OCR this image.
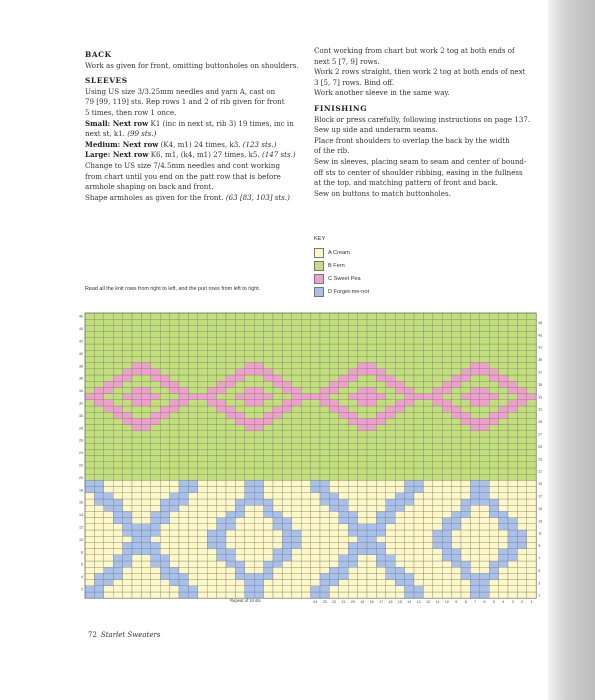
BACK

Work as given for front, omitting buttonholes on shoulders.

SLEEVES

Using US size 3/3.25mm needles and yarn A, cast on

79 [99, 119] sts. Rep rows 1 and 2 of rib given for front

5 times, then row 1 once.

Small: Next row K1 (inc in next st, rib 3) 19 times, inc in

next st, k1. (99 sts.)

Medium: Next row (K4, m1) 24 times, k3. (123 sts.)

Large: Next row K6, m1, (k4, m1) 27 times, k5. (147 sts.)

Change to US size 7/4.5mm needles and cont working

from chart until you end on the patt row that is before

armhole shaping on back and front.

Shape armholes as given for the front. (63 [83, 103] sts.)

Cont working from chart but work 2 tog at both ends of

next 5 [7, 9] rows.

Work 2 rows straight, then work 2 tog at both ends of next

3 [5, 7] rows. Bind off.

Work another sleeve in the same way.

FINISHING

Block or press carefully, following instructions on page 137.

Sew up side and underarm seams.

Place front shoulders to overlap the back by the width

of the rib.

Sew in sleeves, placing seam to seam and center of bound-

off sts to center of shoulder ribbing, easing in the fullness

at the top, and matching pattern of front and back.

Sew on buttons to match buttonholes.

KEY
A Cream
B Fern
C Sweet Pea
D Forget-me-not
Read all the knit rows from right to left, and the purl rows from left to right.
2
4
6
8
10
12
14
16
18
20
22
24
26
28
30
32
34
36
38
40
42
44
46
1
3
5
7
9
11
13
15
17
19
21
23
25
27
29
31
33
35
37
39
41
43
45
24 23 22 21 20 19 18 17 16 15 14 13 12 11 10 9 8 7 6 5 4 3 2 1
Repeat of 24 sts.
72 Starlet Sweaters
